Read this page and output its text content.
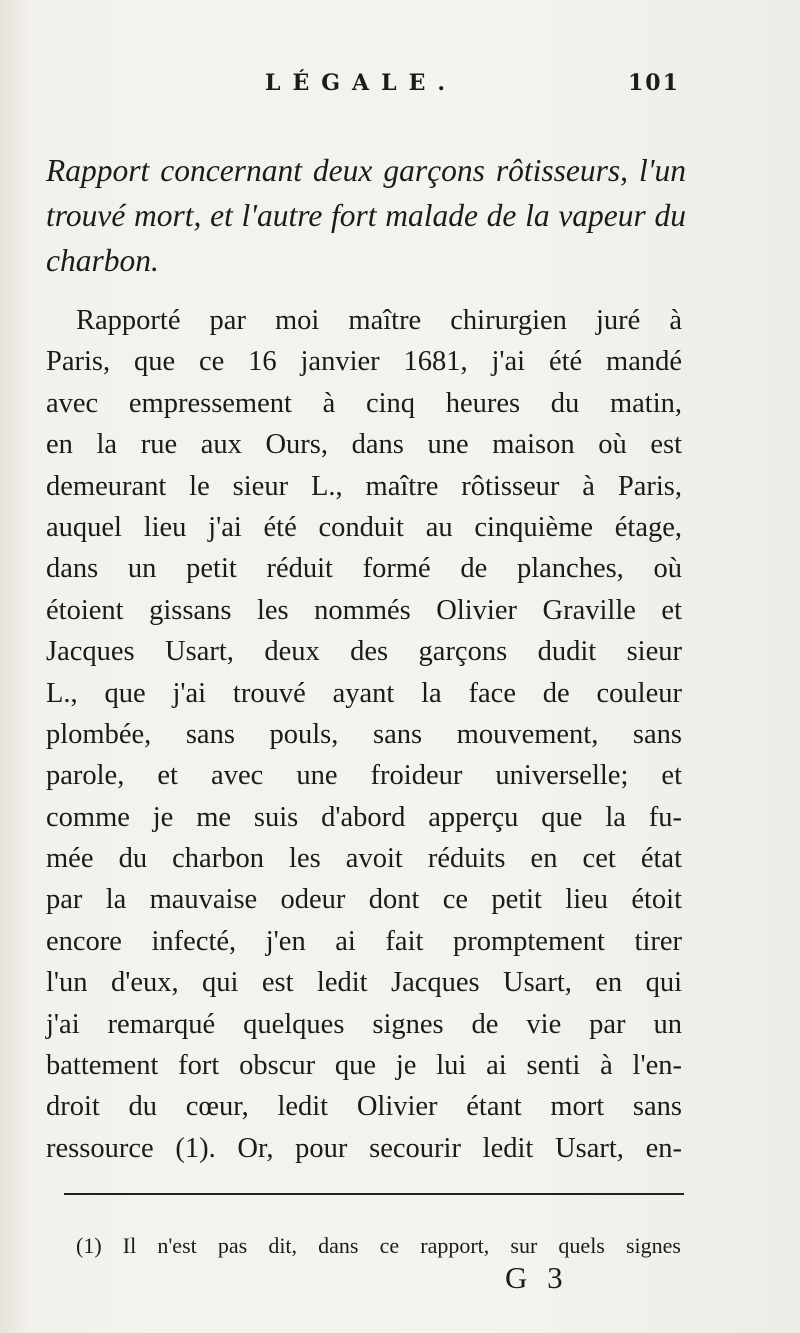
LÉGALE.	101
Rapport concernant deux garçons rôtisseurs, l'un trouvé mort, et l'autre fort malade de la vapeur du charbon.
Rapporté par moi maître chirurgien juré à
Paris, que ce 16 janvier 1681, j'ai été mandé
avec empressement à cinq heures du matin,
en la rue aux Ours, dans une maison où est
demeurant le sieur L., maître rôtisseur à Paris,
auquel lieu j'ai été conduit au cinquième étage,
dans un petit réduit formé de planches, où
étoient gissans les nommés Olivier Graville et
Jacques Usart, deux des garçons dudit sieur
L., que j'ai trouvé ayant la face de couleur
plombée, sans pouls, sans mouvement, sans
parole, et avec une froideur universelle; et
comme je me suis d'abord apperçu que la fu-
mée du charbon les avoit réduits en cet état
par la mauvaise odeur dont ce petit lieu étoit
encore infecté, j'en ai fait promptement tirer
l'un d'eux, qui est ledit Jacques Usart, en qui
j'ai remarqué quelques signes de vie par un
battement fort obscur que je lui ai senti à l'en-
droit du cœur, ledit Olivier étant mort sans
ressource (1). Or, pour secourir ledit Usart, en-
(1) Il n'est pas dit, dans ce rapport, sur quels signes
G 3
